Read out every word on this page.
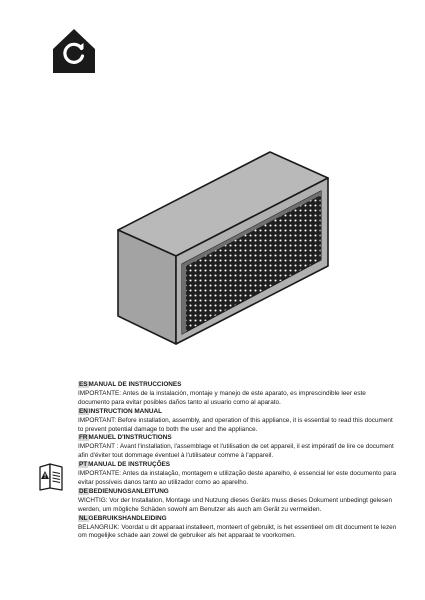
ESMANUAL DE INSTRUCCIONES
IMPORTANTE: Antes de la instalación, montaje y manejo de este aparato, es imprescindible leer este documento para evitar posibles daños tanto al usuario como al aparato.
ENINSTRUCTION MANUAL
IMPORTANT: Before installation, assembly, and operation of this appliance, it is essential to read this document to prevent potential damage to both the user and the appliance.
FRMANUEL D'INSTRUCTIONS
IMPORTANT : Avant l'installation, l'assemblage et l'utilisation de cet appareil, il est impératif de lire ce document afin d'éviter tout dommage éventuel à l'utilisateur comme à l'appareil.
PTMANUAL DE INSTRUÇÕES
IMPORTANTE: Antes da instalação, montagem e utilização deste aparelho, é essencial ler este documento para evitar possíveis danos tanto ao utilizador como ao aparelho.
DEBEDIENUNGSANLEITUNG
WICHTIG: Vor der Installation, Montage und Nutzung dieses Geräts muss dieses Dokument unbedingt gelesen werden, um mögliche Schäden sowohl am Benutzer als auch am Gerät zu vermeiden.
NLGEBRUIKSHANDLEIDING
BELANGRIJK: Voordat u dit apparaat installeert, monteert of gebruikt, is het essentieel om dit document te lezen om mogelijke schade aan zowel de gebruiker als het apparaat te voorkomen.
